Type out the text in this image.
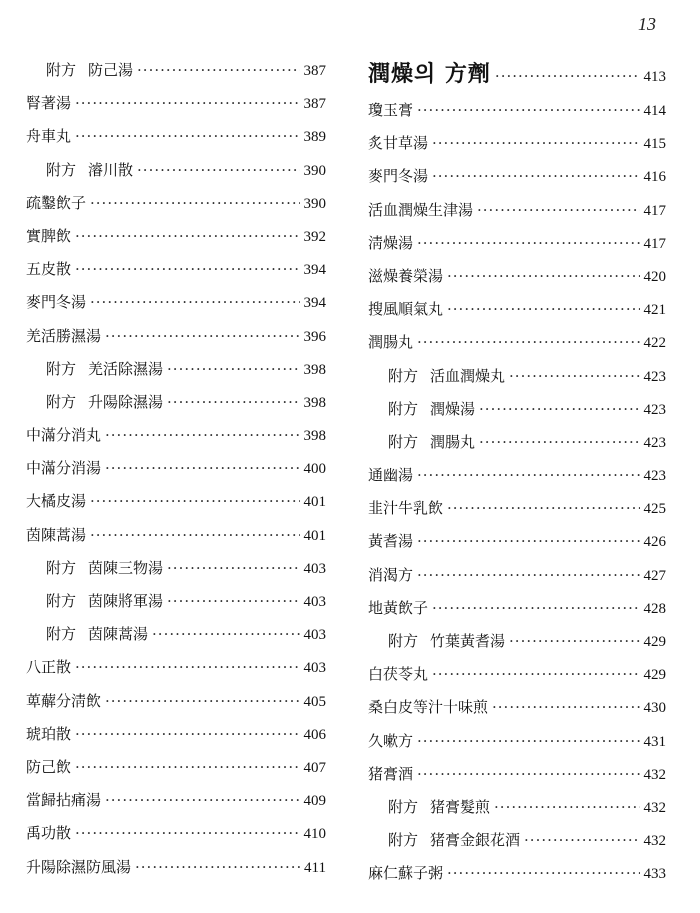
13
附方 防己湯 ·····	387
腎著湯 ·····	387
舟車丸 ·····	389
附方 濬川散 ·····	390
疏鑿飲子 ·····	390
實脾飲 ·····	392
五皮散 ·····	394
麥門冬湯 ·····	394
羌活勝濕湯 ·····	396
附方 羌活除濕湯 ·····	398
附方 升陽除濕湯 ·····	398
中滿分消丸 ·····	398
中滿分消湯 ·····	400
大橘皮湯 ·····	401
茵陳蒿湯 ·····	401
附方 茵陳三物湯 ·····	403
附方 茵陳將軍湯 ·····	403
附方 茵陳蒿湯 ·····	403
八正散 ·····	403
萆薢分淸飲 ·····	405
琥珀散 ·····	406
防己飲 ·····	407
當歸拈痛湯 ·····	409
禹功散 ·····	410
升陽除濕防風湯 ·····	411
潤燥의 方劑 ·····	413
瓊玉膏 ·····	414
炙甘草湯 ·····	415
麥門冬湯 ·····	416
活血潤燥生津湯 ·····	417
淸燥湯 ·····	417
滋燥養榮湯 ·····	420
搜風順氣丸 ·····	421
潤腸丸 ·····	422
附方 活血潤燥丸 ·····	423
附方 潤燥湯 ·····	423
附方 潤腸丸 ·····	423
通幽湯 ·····	423
韭汁牛乳飲 ·····	425
黃耆湯 ·····	426
消渴方 ·····	427
地黃飲子 ·····	428
附方 竹葉黃耆湯 ·····	429
白茯苓丸 ·····	429
桑白皮等汁十味煎 ·····	430
久嗽方 ·····	431
猪膏酒 ·····	432
附方 猪膏髮煎 ·····	432
附方 猪膏金銀花酒 ·····	432
麻仁蘇子粥 ·····	433
